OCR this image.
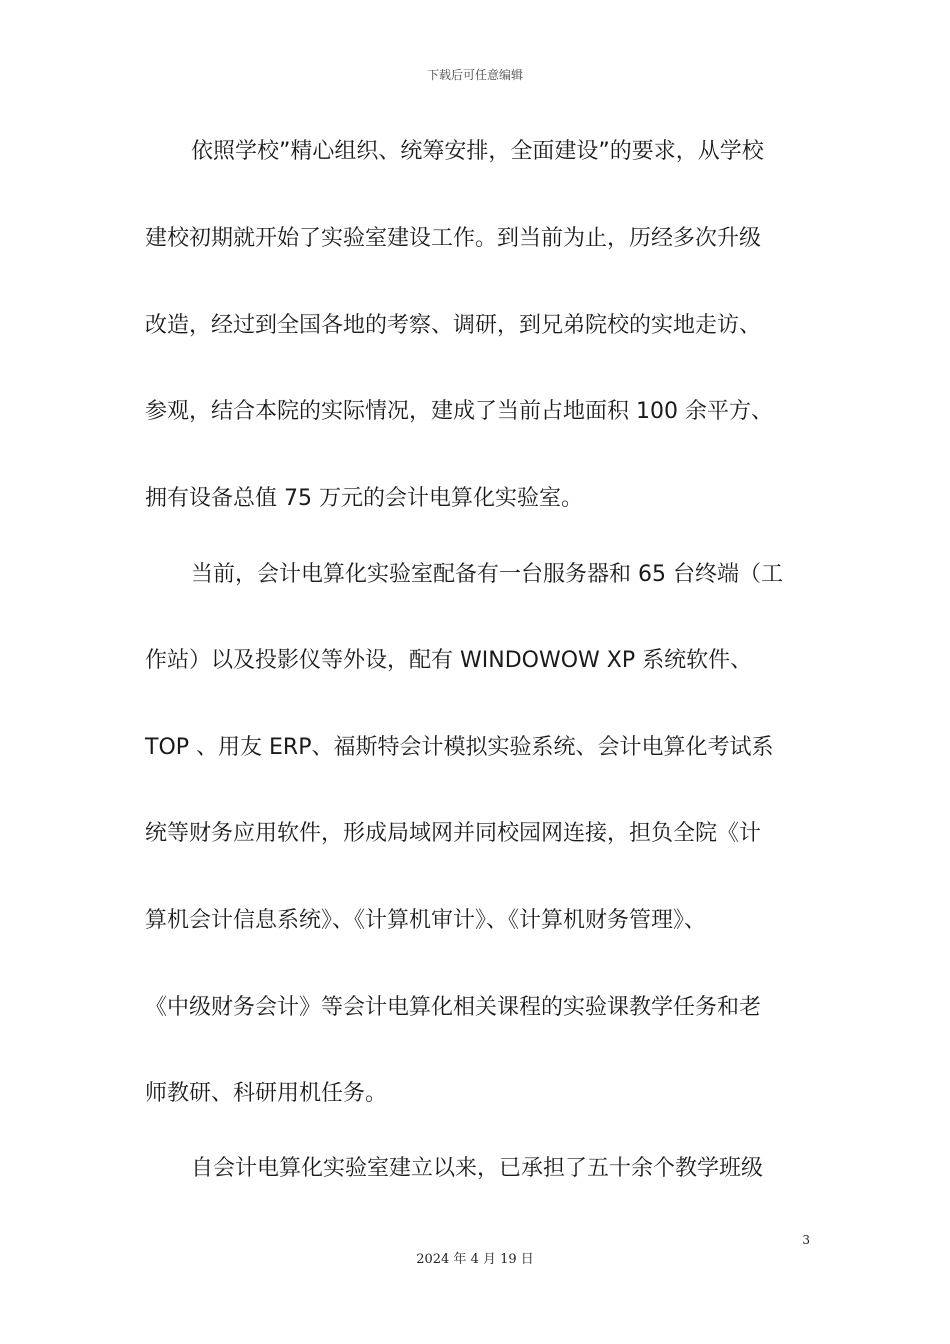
下载后可任意编辑
依照学校”精心组织、统筹安排，全面建设”的要求，从学校
建校初期就开始了实验室建设工作。到当前为止，历经多次升级
改造，经过到全国各地的考察、调研，到兄弟院校的实地走访、
参观，结合本院的实际情况，建成了当前占地面积 100 余平方、
拥有设备总值 75 万元的会计电算化实验室。
当前，会计电算化实验室配备有一台服务器和 65 台终端（工
作站）以及投影仪等外设，配有 WINDOWOW XP 系统软件、
TOP 、用友 ERP、福斯特会计模拟实验系统、会计电算化考试系
统等财务应用软件，形成局域网并同校园网连接，担负全院《计
算机会计信息系统》、《计算机审计》、《计算机财务管理》、
《中级财务会计》等会计电算化相关课程的实验课教学任务和老
师教研、科研用机任务。
自会计电算化实验室建立以来，已承担了五十余个教学班级
3
2024 年 4 月 19 日
